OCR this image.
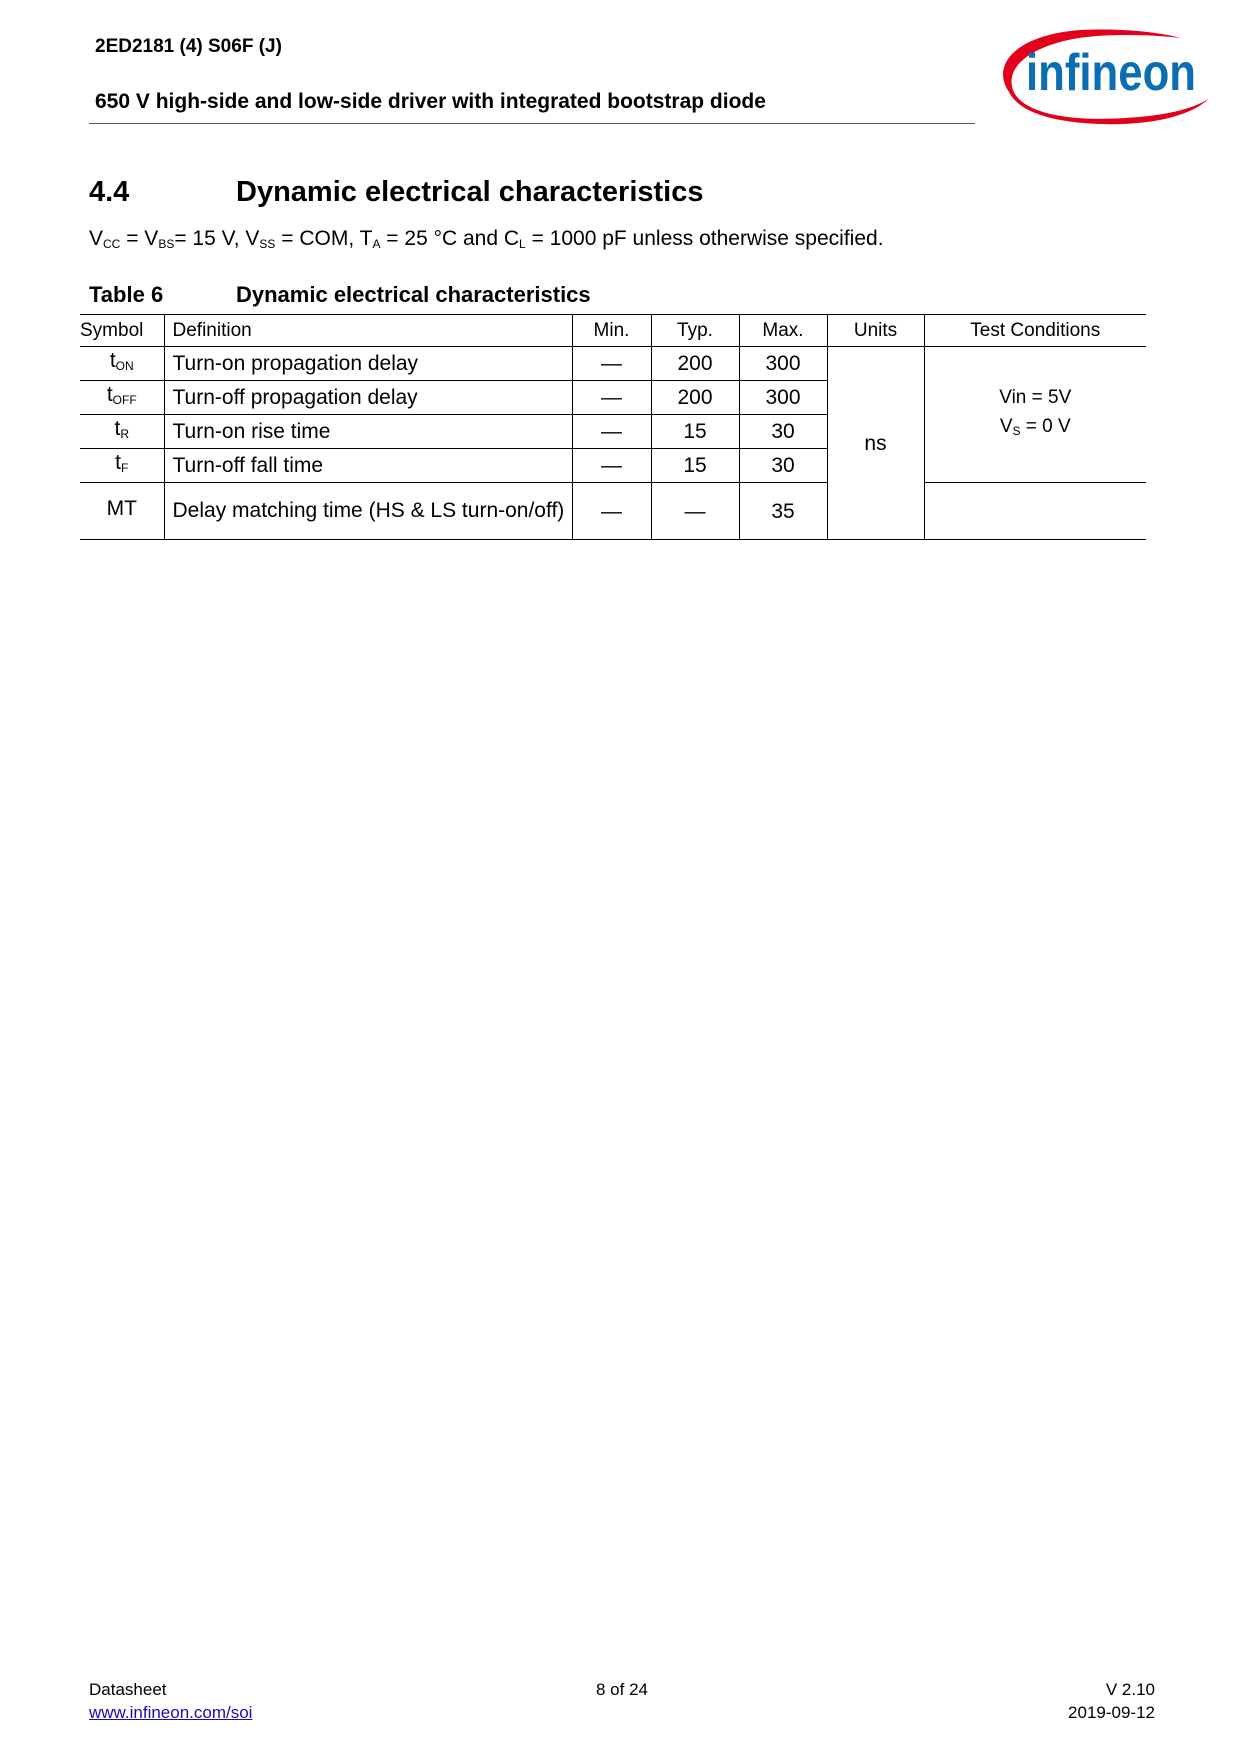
2ED2181 (4) S06F (J)
650 V high-side and low-side driver with integrated bootstrap diode	infineon
4.4	Dynamic electrical characteristics
$V_{CC} = V_{BS}= 15$ V, $V_{SS}$ = COM, $T_A = 25$ °C and $C_L = 1000$ pF unless otherwise specified.
Table 6	Dynamic electrical characteristics
Symbol	Definition	Min.	Typ.	Max.	Units	Test Conditions
$t_{ON}$	Turn-on propagation delay	—	200	300	ns	Vin = 5V
$V_S = 0$ V

$t_{OFF}$	Turn-off propagation delay	—	200	300		
$t_R$	Turn-on rise time	—	15	30		
$t_F$	Turn-off fall time	—	15	30		
MT	Delay matching time (HS & LS turn-on/off)	—	—	35		
Datasheet
www.infineon.com/soi
8 of 24	V 2.10
2019-09-12
